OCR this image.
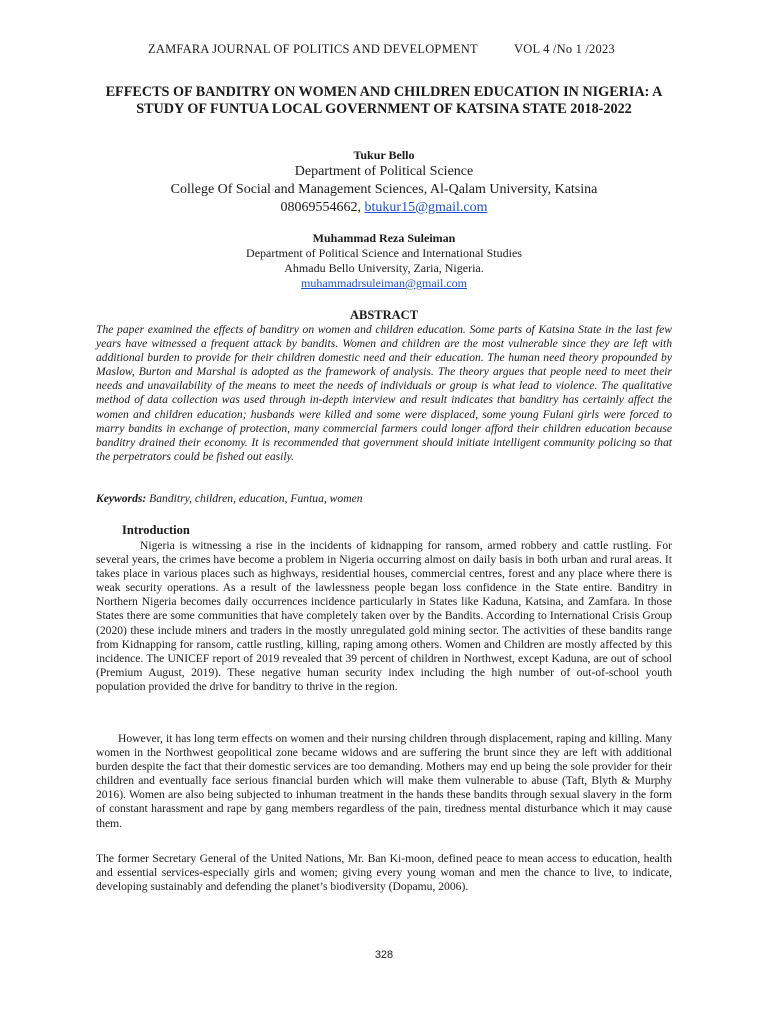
ZAMFARA JOURNAL OF POLITICS AND DEVELOPMENT	VOL 4 /No 1 /2023
EFFECTS OF BANDITRY ON WOMEN AND CHILDREN EDUCATION IN NIGERIA: A STUDY OF FUNTUA LOCAL GOVERNMENT OF KATSINA STATE 2018-2022
Tukur Bello
Department of Political Science
College Of Social and Management Sciences, Al-Qalam University, Katsina
08069554662, btukur15@gmail.com
Muhammad Reza Suleiman
Department of Political Science and International Studies
Ahmadu Bello University, Zaria, Nigeria.
muhammadrsuleiman@gmail.com
ABSTRACT

The paper examined the effects of banditry on women and children education. Some parts of Katsina State in the last few years have witnessed a frequent attack by bandits. Women and children are the most vulnerable since they are left with additional burden to provide for their children domestic need and their education. The human need theory propounded by Maslow, Burton and Marshal is adopted as the framework of analysis. The theory argues that people need to meet their needs and unavailability of the means to meet the needs of individuals or group is what lead to violence. The qualitative method of data collection was used through in-depth interview and result indicates that banditry has certainly affect the women and children education; husbands were killed and some were displaced, some young Fulani girls were forced to marry bandits in exchange of protection, many commercial farmers could longer afford their children education because banditry drained their economy. It is recommended that government should initiate intelligent community policing so that the perpetrators could be fished out easily.

Keywords: Banditry, children, education, Funtua, women
Introduction

Nigeria is witnessing a rise in the incidents of kidnapping for ransom, armed robbery and cattle rustling. For several years, the crimes have become a problem in Nigeria occurring almost on daily basis in both urban and rural areas. It takes place in various places such as highways, residential houses, commercial centres, forest and any place where there is weak security operations. As a result of the lawlessness people began loss confidence in the State entire. Banditry in Northern Nigeria becomes daily occurrences incidence particularly in States like Kaduna, Katsina, and Zamfara. In those States there are some communities that have completely taken over by the Bandits. According to International Crisis Group (2020) these include miners and traders in the mostly unregulated gold mining sector. The activities of these bandits range from Kidnapping for ransom, cattle rustling, killing, raping among others. Women and Children are mostly affected by this incidence. The UNICEF report of 2019 revealed that 39 percent of children in Northwest, except Kaduna, are out of school (Premium August, 2019). These negative human security index including the high number of out-of-school youth population provided the drive for banditry to thrive in the region.

However, it has long term effects on women and their nursing children through displacement, raping and killing. Many women in the Northwest geopolitical zone became widows and are suffering the brunt since they are left with additional burden despite the fact that their domestic services are too demanding. Mothers may end up being the sole provider for their children and eventually face serious financial burden which will make them vulnerable to abuse (Taft, Blyth & Murphy 2016). Women are also being subjected to inhuman treatment in the hands these bandits through sexual slavery in the form of constant harassment and rape by gang members regardless of the pain, tiredness mental disturbance which it may cause them.

The former Secretary General of the United Nations, Mr. Ban Ki-moon, defined peace to mean access to education, health and essential services-especially girls and women; giving every young woman and men the chance to live, to indicate, developing sustainably and defending the planet’s biodiversity (Dopamu, 2006).

328
